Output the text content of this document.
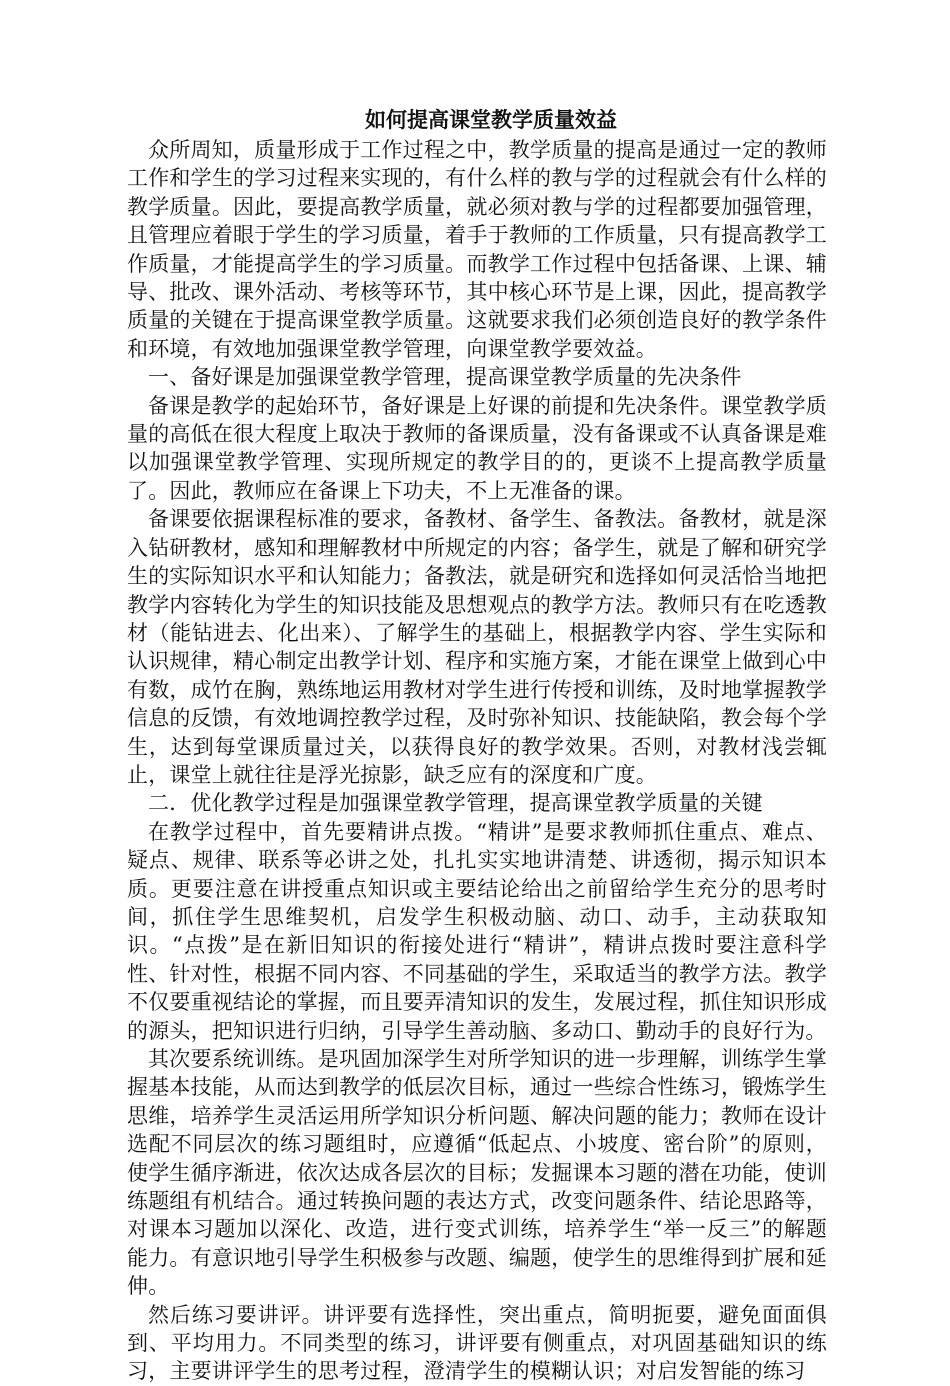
如何提高课堂教学质量效益

众所周知，质量形成于工作过程之中，教学质量的提高是通过一定的教师工作和学生的学习过程来实现的，有什么样的教与学的过程就会有什么样的教学质量。因此，要提高教学质量，就必须对教与学的过程都要加强管理，且管理应着眼于学生的学习质量，着手于教师的工作质量，只有提高教学工作质量，才能提高学生的学习质量。而教学工作过程中包括备课、上课、辅导、批改、课外活动、考核等环节，其中核心环节是上课，因此，提高教学质量的关键在于提高课堂教学质量。这就要求我们必须创造良好的教学条件和环境，有效地加强课堂教学管理，向课堂教学要效益。

一、备好课是加强课堂教学管理，提高课堂教学质量的先决条件

备课是教学的起始环节，备好课是上好课的前提和先决条件。课堂教学质量的高低在很大程度上取决于教师的备课质量，没有备课或不认真备课是难以加强课堂教学管理、实现所规定的教学目的的，更谈不上提高教学质量了。因此，教师应在备课上下功夫，不上无准备的课。

备课要依据课程标准的要求，备教材、备学生、备教法。备教材，就是深入钻研教材，感知和理解教材中所规定的内容；备学生，就是了解和研究学生的实际知识水平和认知能力；备教法，就是研究和选择如何灵活恰当地把教学内容转化为学生的知识技能及思想观点的教学方法。教师只有在吃透教材（能钻进去、化出来）、了解学生的基础上，根据教学内容、学生实际和认识规律，精心制定出教学计划、程序和实施方案，才能在课堂上做到心中有数，成竹在胸，熟练地运用教材对学生进行传授和训练，及时地掌握教学信息的反馈，有效地调控教学过程，及时弥补知识、技能缺陷，教会每个学生，达到每堂课质量过关，以获得良好的教学效果。否则，对教材浅尝辄止，课堂上就往往是浮光掠影，缺乏应有的深度和广度。

二．优化教学过程是加强课堂教学管理，提高课堂教学质量的关键

在教学过程中，首先要精讲点拨。“精讲”是要求教师抓住重点、难点、疑点、规律、联系等必讲之处，扎扎实实地讲清楚、讲透彻，揭示知识本质。更要注意在讲授重点知识或主要结论给出之前留给学生充分的思考时间，抓住学生思维契机，启发学生积极动脑、动口、动手，主动获取知识。“点拨”是在新旧知识的衔接处进行“精讲”，精讲点拨时要注意科学性、针对性，根据不同内容、不同基础的学生，采取适当的教学方法。教学不仅要重视结论的掌握，而且要弄清知识的发生，发展过程，抓住知识形成的源头，把知识进行归纳，引导学生善动脑、多动口、勤动手的良好行为。

其次要系统训练。是巩固加深学生对所学知识的进一步理解，训练学生掌握基本技能，从而达到教学的低层次目标，通过一些综合性练习，锻炼学生思维，培养学生灵活运用所学知识分析问题、解决问题的能力；教师在设计选配不同层次的练习题组时，应遵循“低起点、小坡度、密台阶”的原则，使学生循序渐进，依次达成各层次的目标；发掘课本习题的潜在功能，使训练题组有机结合。通过转换问题的表达方式，改变问题条件、结论思路等，对课本习题加以深化、改造，进行变式训练，培养学生“举一反三”的解题能力。有意识地引导学生积极参与改题、编题，使学生的思维得到扩展和延伸。

然后练习要讲评。讲评要有选择性，突出重点，简明扼要，避免面面俱到、平均用力。不同类型的练习，讲评要有侧重点，对巩固基础知识的练习，主要讲评学生的思考过程，澄清学生的模糊认识；对启发智能的练习
